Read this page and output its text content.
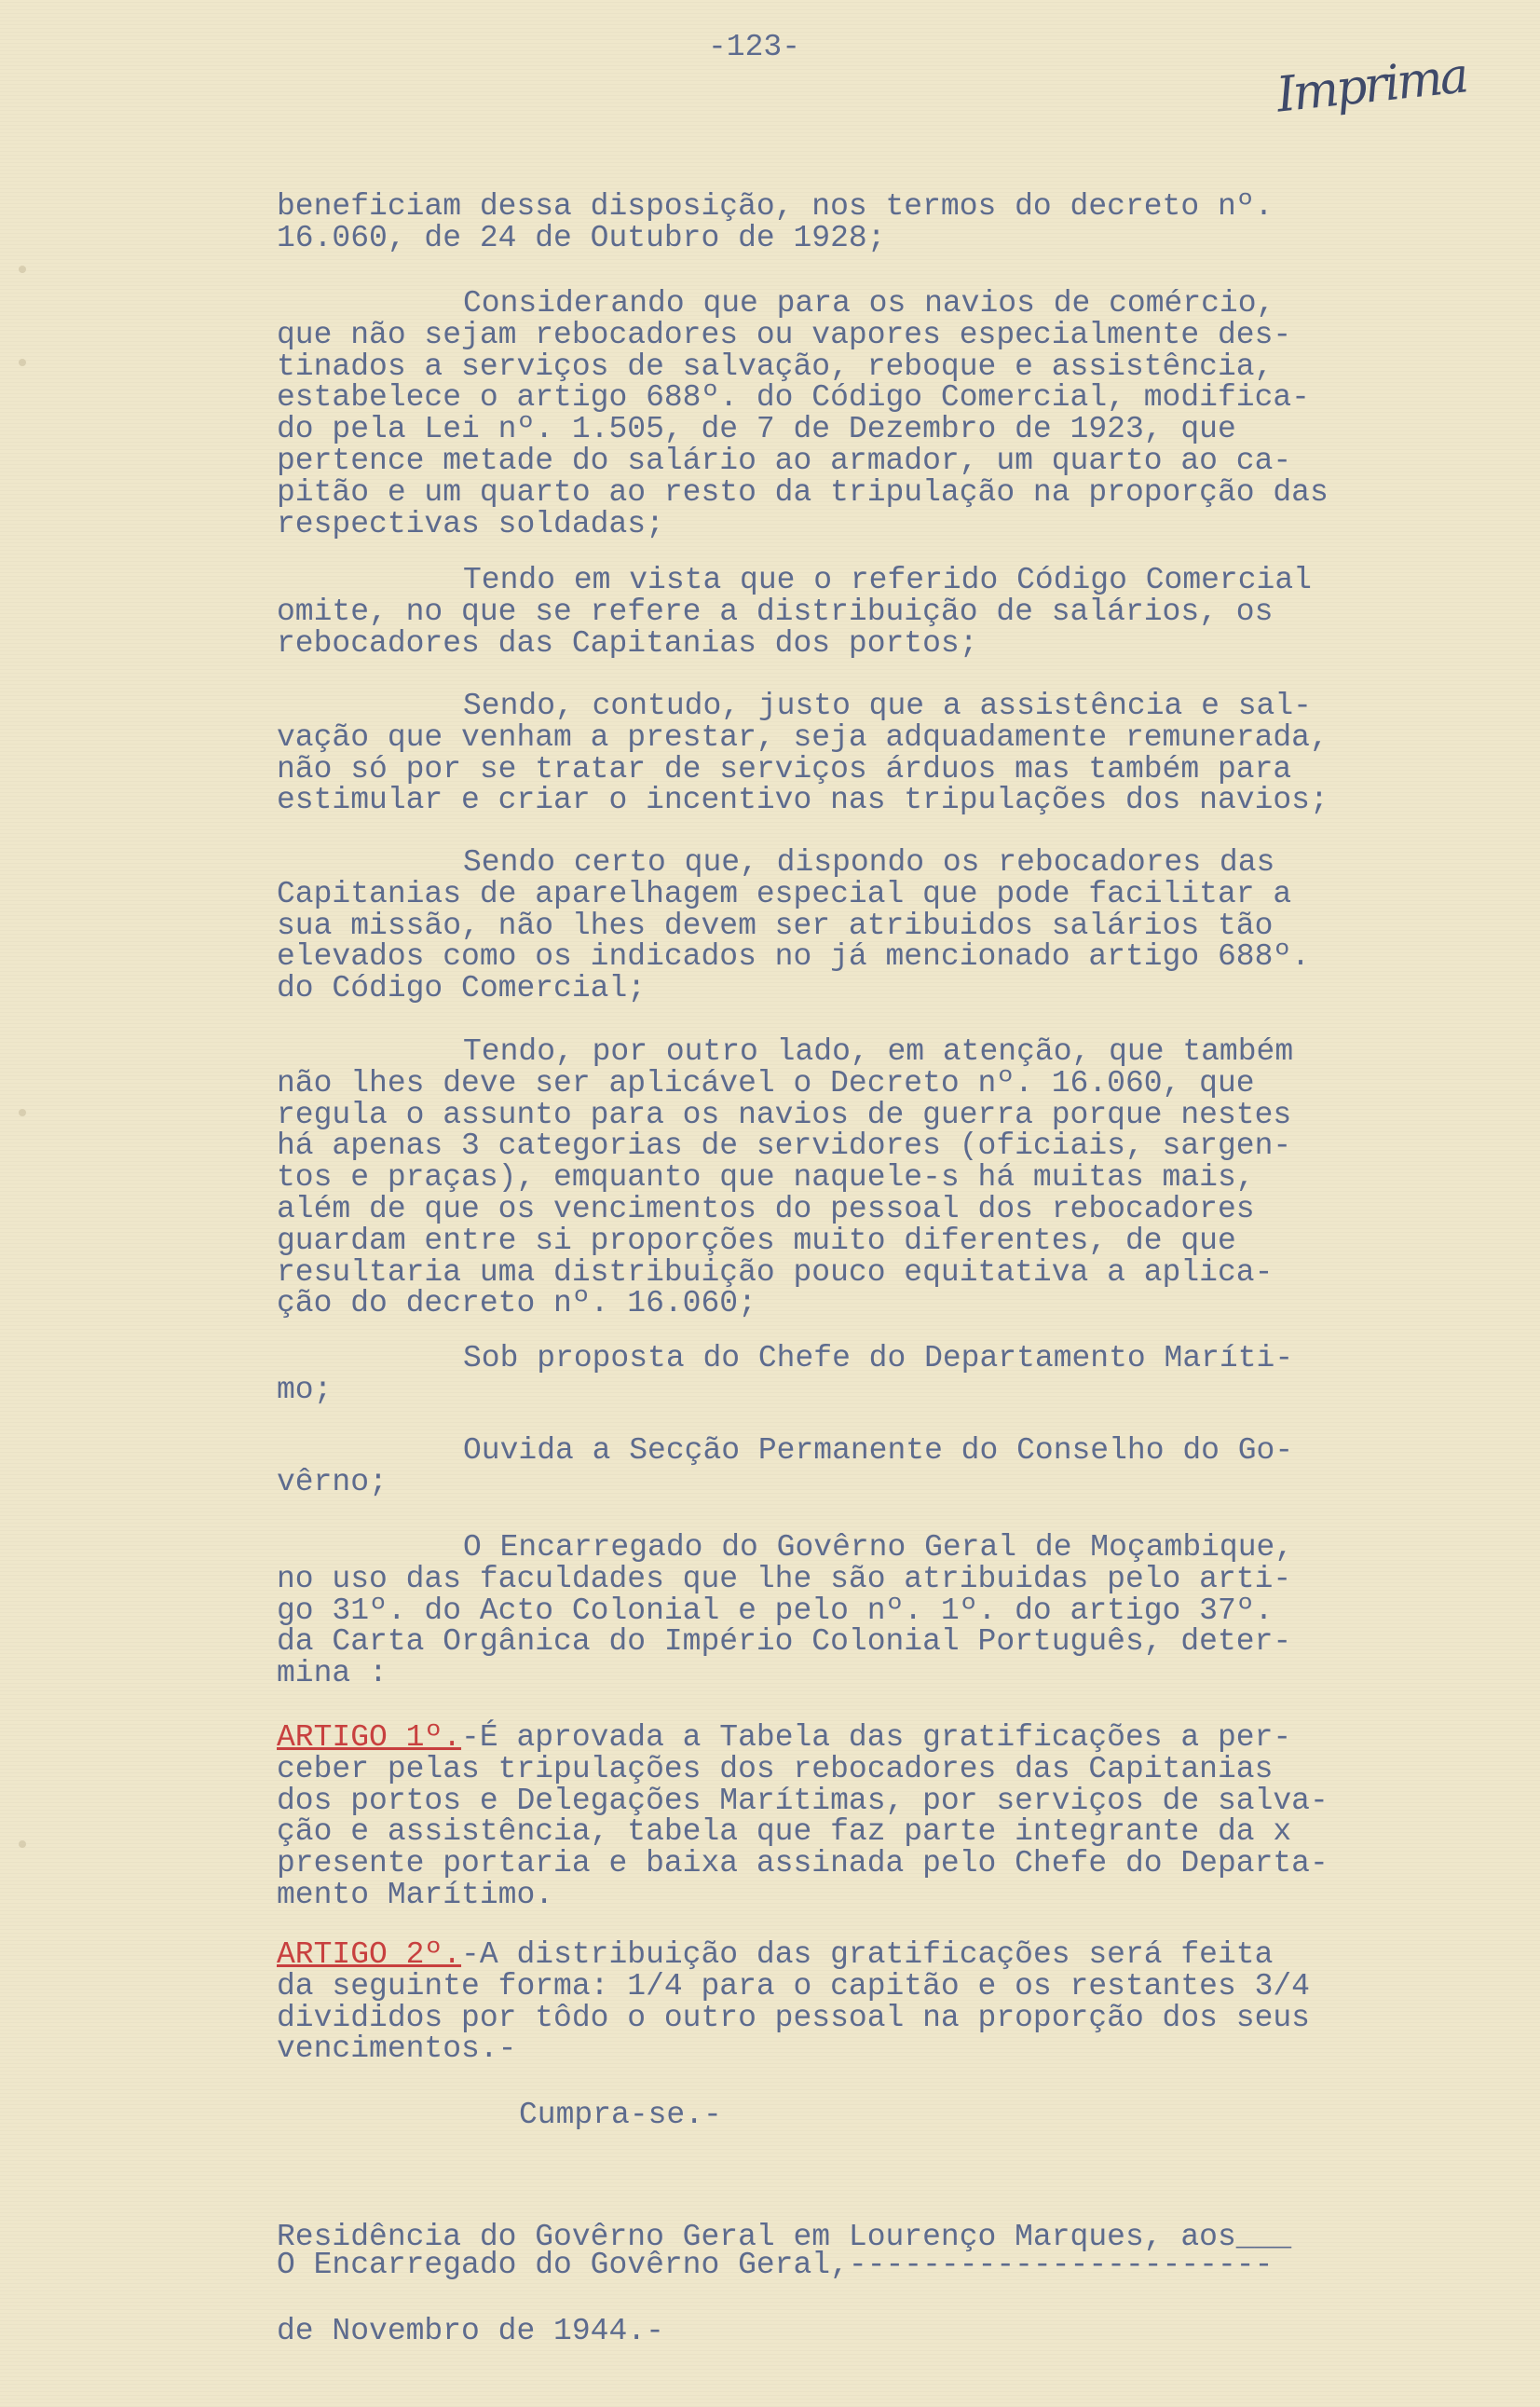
-123-
Imprima
beneficiam dessa disposição, nos termos do decreto nº.
16.060, de 24 de Outubro de 1928;
Considerando que para os navios de comércio,
que não sejam rebocadores ou vapores especialmente des-
tinados a serviços de salvação, reboque e assistência,
estabelece o artigo 688º. do Código Comercial, modifica-
do pela Lei nº. 1.505, de 7 de Dezembro de 1923, que
pertence metade do salário ao armador, um quarto ao ca-
pitão e um quarto ao resto da tripulação na proporção das
respectivas soldadas;
Tendo em vista que o referido Código Comercial
omite, no que se refere a distribuição de salários, os
rebocadores das Capitanias dos portos;
Sendo, contudo, justo que a assistência e sal-
vação que venham a prestar, seja adquadamente remunerada,
não só por se tratar de serviços árduos mas também para
estimular e criar o incentivo nas tripulações dos navios;
Sendo certo que, dispondo os rebocadores das
Capitanias de aparelhagem especial que pode facilitar a
sua missão, não lhes devem ser atribuidos salários tão
elevados como os indicados no já mencionado artigo 688º.
do Código Comercial;
Tendo, por outro lado, em atenção, que também
não lhes deve ser aplicável o Decreto nº. 16.060, que
regula o assunto para os navios de guerra porque nestes
há apenas 3 categorias de servidores (oficiais, sargen-
tos e praças), emquanto que naquele-s há muitas mais,
além de que os vencimentos do pessoal dos rebocadores
guardam entre si proporções muito diferentes, de que
resultaria uma distribuição pouco equitativa a aplica-
ção do decreto nº. 16.060;
Sob proposta do Chefe do Departamento Maríti-
mo;
Ouvida a Secção Permanente do Conselho do Go-
vêrno;
O Encarregado do Govêrno Geral de Moçambique,
no uso das faculdades que lhe são atribuidas pelo arti-
go 31º. do Acto Colonial e pelo nº. 1º. do artigo 37º.
da Carta Orgânica do Império Colonial Português, deter-
mina :
ARTIGO 1º.-É aprovada a Tabela das gratificações a per-
ceber pelas tripulações dos rebocadores das Capitanias
dos portos e Delegações Marítimas, por serviços de salva-
ção e assistência, tabela que faz parte integrante da x
presente portaria e baixa assinada pelo Chefe do Departa-
mento Marítimo.
ARTIGO 2º.-A distribuição das gratificações será feita
da seguinte forma: 1/4 para o capitão e os restantes 3/4
divididos por tôdo o outro pessoal na proporção dos seus
vencimentos.-
Cumpra-se.-

Residência do Govêrno Geral em Lourenço Marques, aos___

de Novembro de 1944.-

O Encarregado do Govêrno Geral,-----------------------
